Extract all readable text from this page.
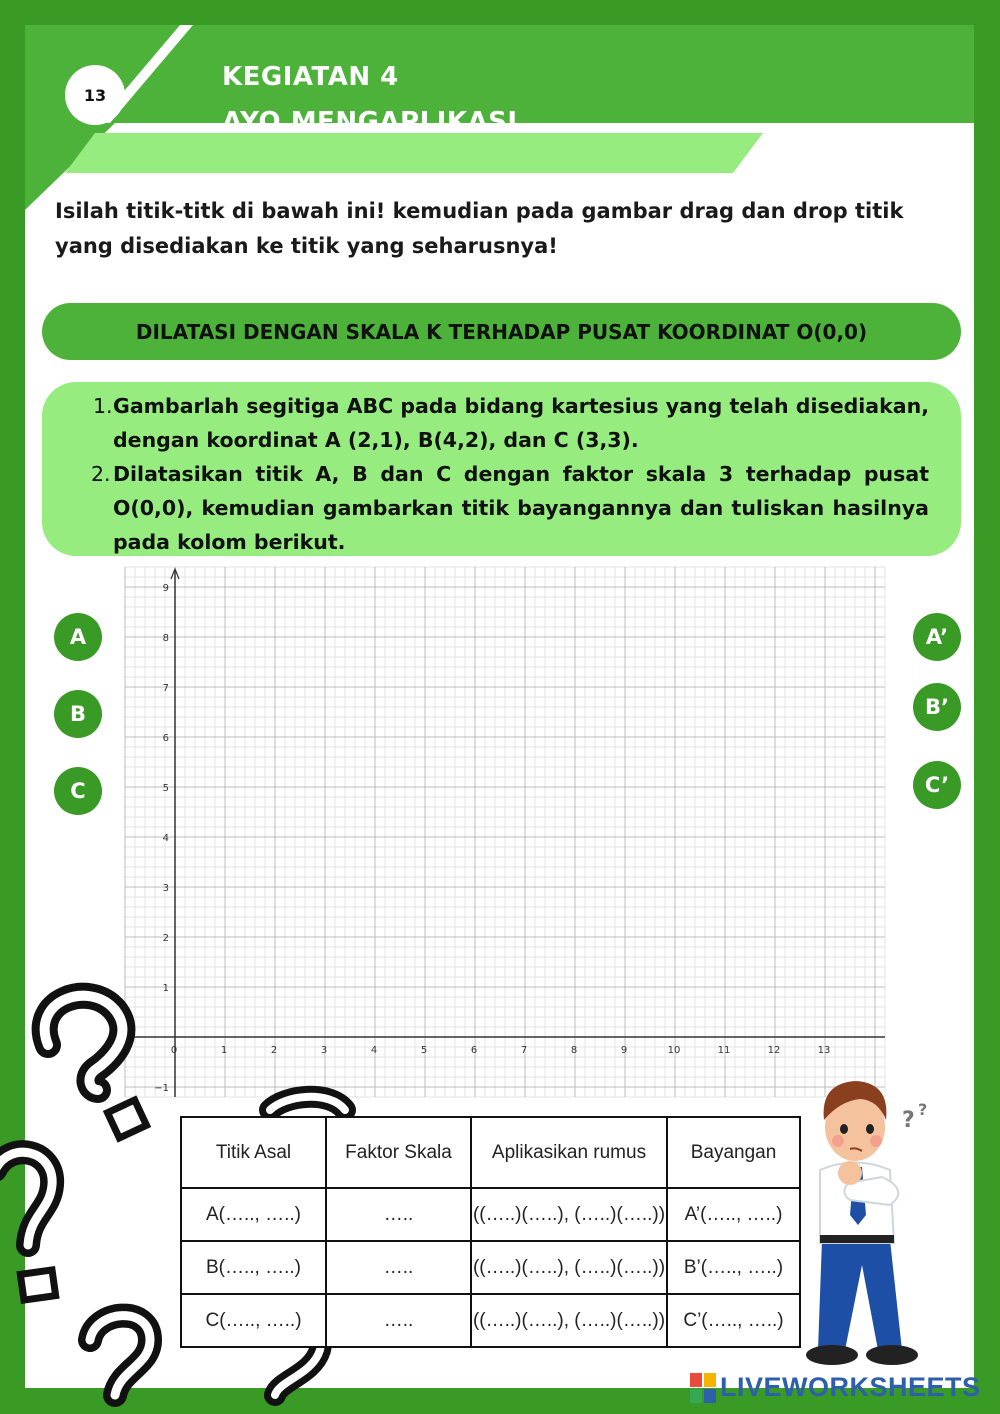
13
KEGIATAN 4
AYO MENGAPLIKASI
Isilah titik-titk di bawah ini! kemudian pada gambar drag dan drop titik yang disediakan ke titik yang seharusnya!
DILATASI DENGAN SKALA K TERHADAP PUSAT KOORDINAT O(0,0)
1. Gambarlah segitiga ABC pada bidang kartesius yang telah disediakan, dengan koordinat A (2,1), B(4,2), dan C (3,3).
2. Dilatasikan titik A, B dan C dengan faktor skala 3 terhadap pusat O(0,0), kemudian gambarkan titik bayangannya dan tuliskan hasilnya pada kolom berikut.
-1	0	1	2	3	4	5	6	7	8	9	10	11	12	13
9
8
7
6
5
4
3
2
1
−1
A
B
C
A’
B’
C’
Titik Asal	Faktor Skala	Aplikasikan rumus	Bayangan
A(….., …..)	…..	((…..)(…..), (…..)(…..))	A’(….., …..)
B(….., …..)	…..	((…..)(…..), (…..)(…..))	B’(….., …..)
C(….., …..)	…..	((…..)(…..), (…..)(…..))	C’(….., …..)
? ?
LIVEWORKSHEETS
